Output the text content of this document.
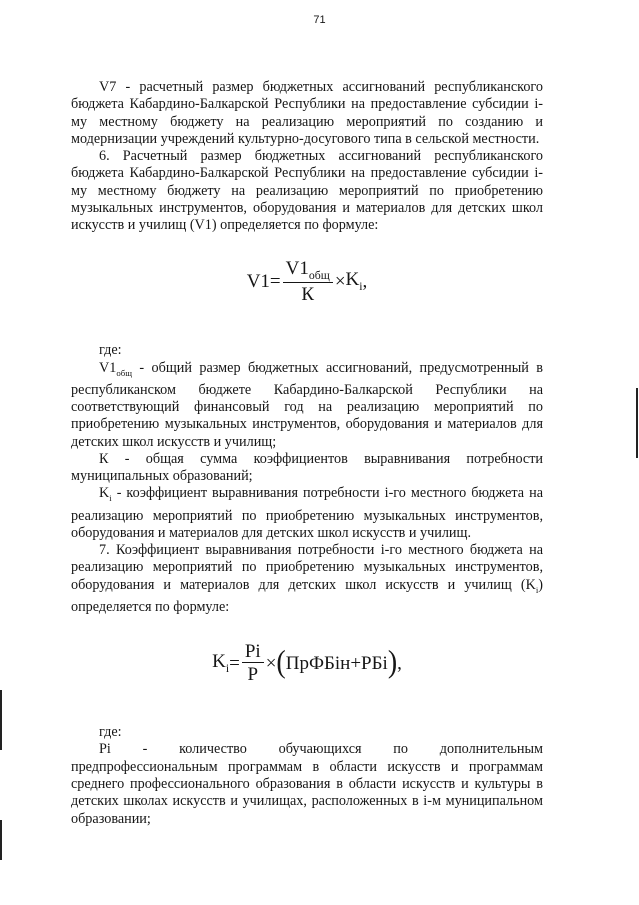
71

V7 - расчетный размер бюджетных ассигнований республиканского бюджета Кабардино-Балкарской Республики на предоставление субсидии i-му местному бюджету на реализацию мероприятий по созданию и модернизации учреждений культурно-досугового типа в сельской местности.

6. Расчетный размер бюджетных ассигнований республиканского бюджета Кабардино-Балкарской Республики на предоставление субсидии i-му местному бюджету на реализацию мероприятий по приобретению музыкальных инструментов, оборудования и материалов для детских школ искусств и училищ (V1) определяется по формуле:

$V1 = \frac{V1_{общ}}{К} \times K_i$ ,

где:

$V1_{общ}$ - общий размер бюджетных ассигнований, предусмотренный в республиканском бюджете Кабардино-Балкарской Республики на соответствующий финансовый год на реализацию мероприятий по приобретению музыкальных инструментов, оборудования и материалов для детских школ искусств и училищ;

К - общая сумма коэффициентов выравнивания потребности муниципальных образований;

$K_i$ - коэффициент выравнивания потребности i-го местного бюджета на реализацию мероприятий по приобретению музыкальных инструментов, оборудования и материалов для детских школ искусств и училищ.

7. Коэффициент выравнивания потребности i-го местного бюджета на реализацию мероприятий по приобретению музыкальных инструментов, оборудования и материалов для детских школ искусств и училищ $(K_i)$ определяется по формуле:

$K_i = \frac{Pi}{P}$ × ( ПрФБін+РБі ) ,

где:

Pi - количество обучающихся по дополнительным предпрофессиональным программам в области искусств и программам среднего профессионального образования в области искусств и культуры в детских школах искусств и училищах, расположенных в i-м муниципальном образовании;
